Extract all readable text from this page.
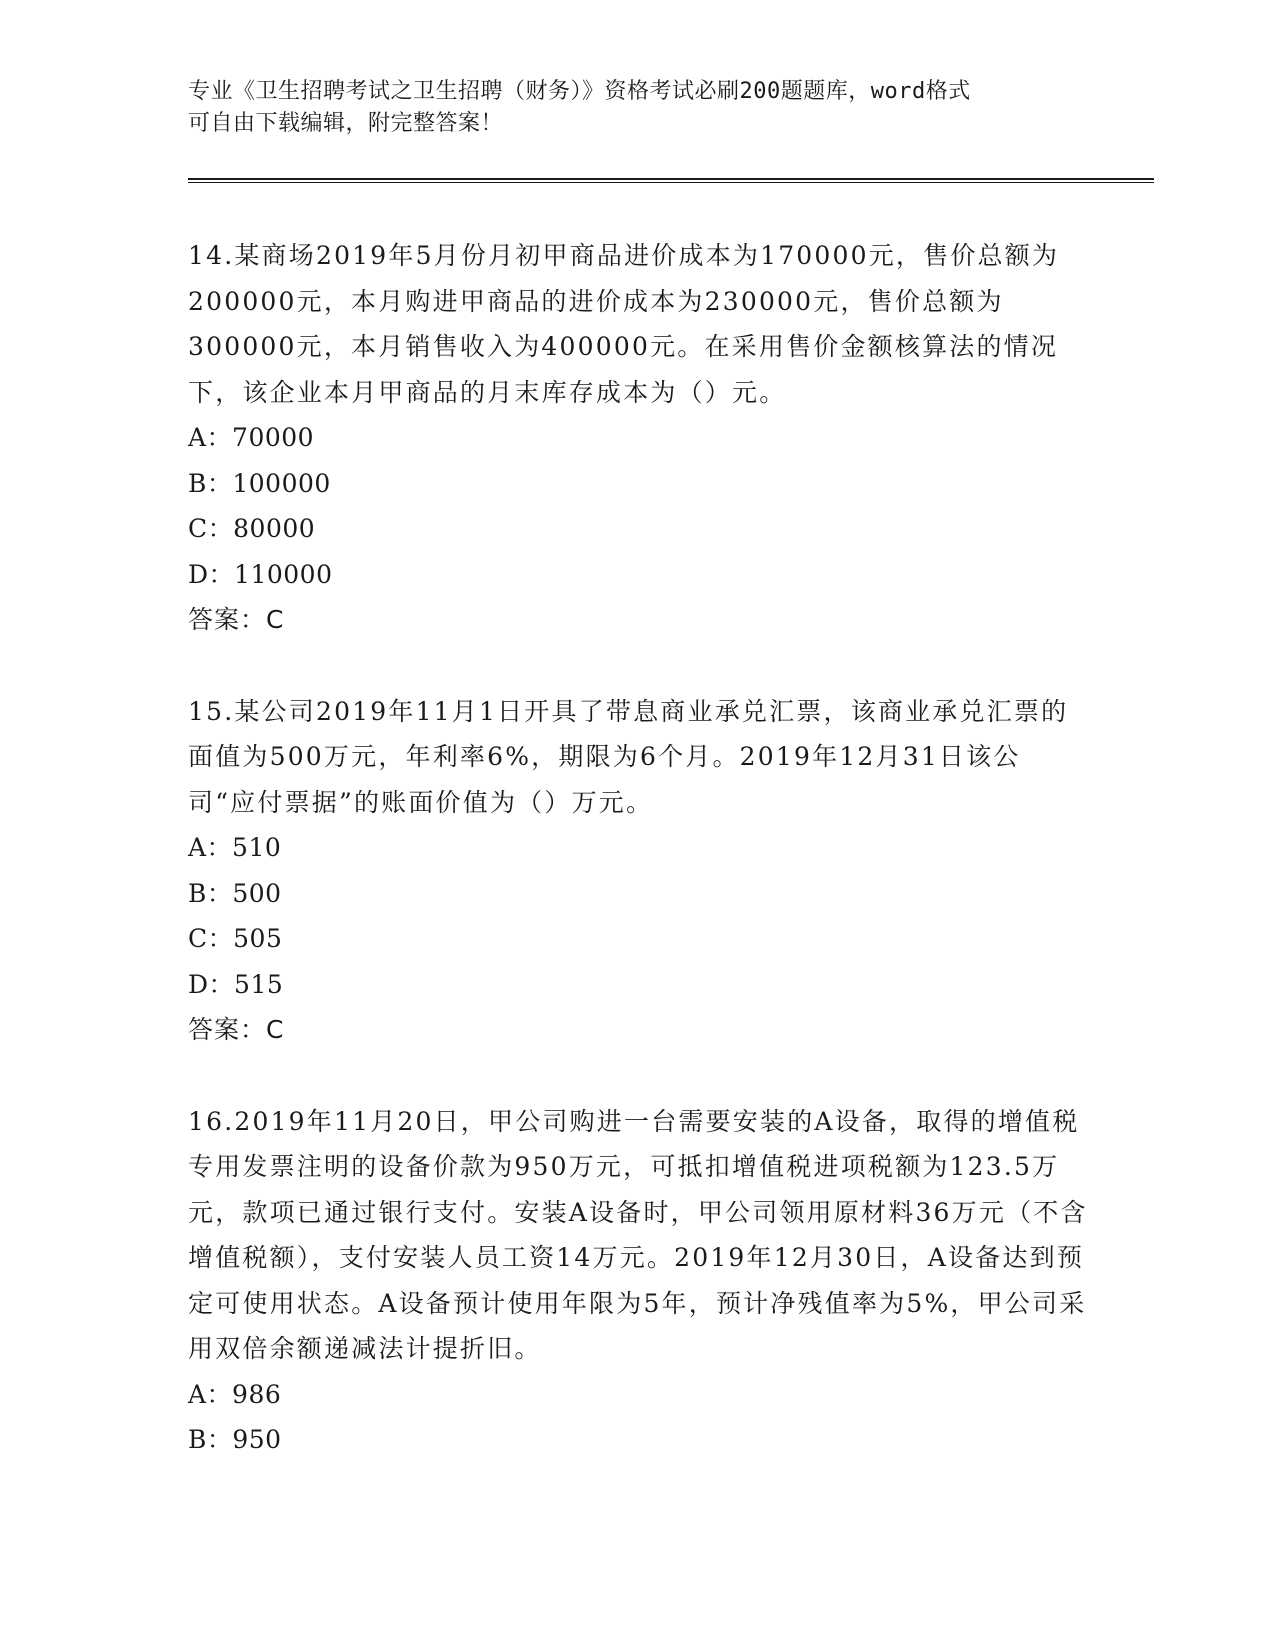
专业《卫生招聘考试之卫生招聘（财务）》资格考试必刷200题题库，word格式
可自由下载编辑，附完整答案！

14.某商场2019年5月份月初甲商品进价成本为170000元，售价总额为200000元，本月购进甲商品的进价成本为230000元，售价总额为300000元，本月销售收入为400000元。在采用售价金额核算法的情况下，该企业本月甲商品的月末库存成本为（）元。

A：70000

B：100000

C：80000

D：110000

答案：C

15.某公司2019年11月1日开具了带息商业承兑汇票，该商业承兑汇票的面值为500万元，年利率6%，期限为6个月。2019年12月31日该公司“应付票据”的账面价值为（）万元。

A：510

B：500

C：505

D：515

答案：C

16.2019年11月20日，甲公司购进一台需要安装的A设备，取得的增值税专用发票注明的设备价款为950万元，可抵扣增值税进项税额为123.5万元，款项已通过银行支付。安装A设备时，甲公司领用原材料36万元（不含增值税额），支付安装人员工资14万元。2019年12月30日，A设备达到预定可使用状态。A设备预计使用年限为5年，预计净残值率为5%，甲公司采用双倍余额递减法计提折旧。

A：986

B：950
